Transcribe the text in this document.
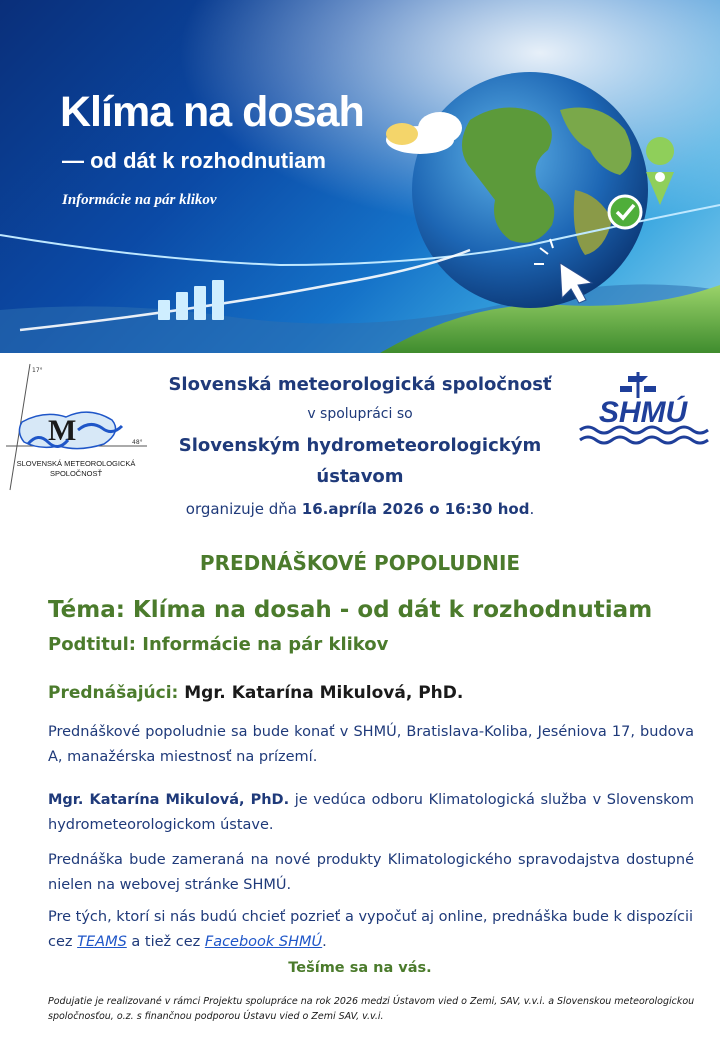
Klíma na dosah
— od dát k rozhodnutiam
Informácie na pár klikov
17°
48°
M
SLOVENSKÁ METEOROLOGICKÁ
SPOLOČNOSŤ
SHMÚ
Slovenská meteorologická spoločnosť
v spolupráci so
Slovenským hydrometeorologickým ústavom
organizuje dňa 16.apríla 2026 o 16:30 hod.
PREDNÁŠKOVÉ POPOLUDNIE
Téma: Klíma na dosah - od dát k rozhodnutiam
Podtitul: Informácie na pár klikov
Prednášajúci: Mgr. Katarína Mikulová, PhD.
Prednáškové popoludnie sa bude konať v SHMÚ, Bratislava-Koliba, Jeséniova 17, budova A, manažérska miestnosť na prízemí.
Mgr. Katarína Mikulová, PhD. je vedúca odboru Klimatologická služba v Slovenskom hydrometeorologickom ústave.
Prednáška bude zameraná na nové produkty Klimatologického spravodajstva dostupné nielen na webovej stránke SHMÚ.
Pre tých, ktorí si nás budú chcieť pozrieť a vypočuť aj online, prednáška bude k dispozícii cez TEAMS a tiež cez Facebook SHMÚ.
Tešíme sa na vás.
Podujatie je realizované v rámci Projektu spolupráce na rok 2026 medzi Ústavom vied o Zemi, SAV, v.v.i. a Slovenskou meteorologickou spoločnosťou, o.z. s finančnou podporou Ústavu vied o Zemi SAV, v.v.i.
